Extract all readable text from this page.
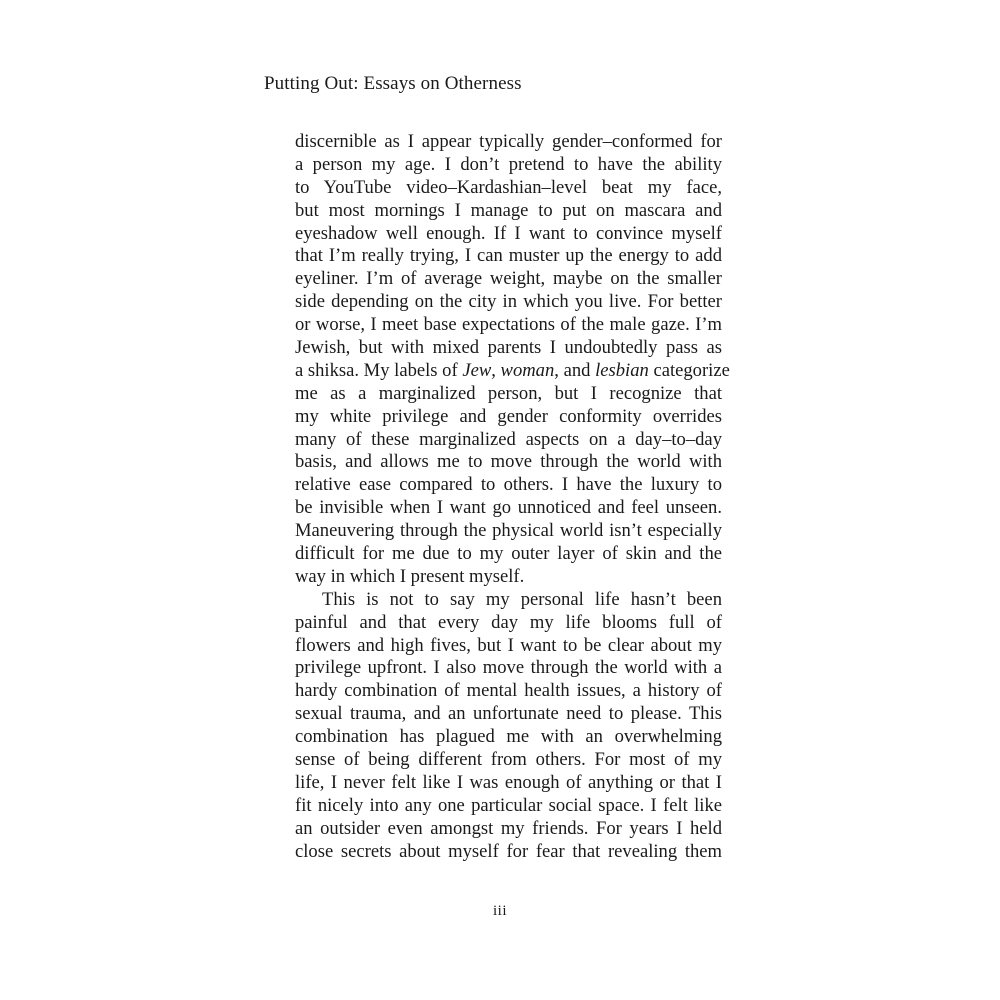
Putting Out: Essays on Otherness
discernible as I appear typically gender–conformed for
a person my age. I don’t pretend to have the ability
to YouTube video–Kardashian–level beat my face,
but most mornings I manage to put on mascara and
eyeshadow well enough. If I want to convince myself
that I’m really trying, I can muster up the energy to add
eyeliner. I’m of average weight, maybe on the smaller
side depending on the city in which you live. For better
or worse, I meet base expectations of the male gaze. I’m
Jewish, but with mixed parents I undoubtedly pass as
a shiksa. My labels of Jew, woman, and lesbian categorize
me as a marginalized person, but I recognize that
my white privilege and gender conformity overrides
many of these marginalized aspects on a day–to–day
basis, and allows me to move through the world with
relative ease compared to others. I have the luxury to
be invisible when I want go unnoticed and feel unseen.
Maneuvering through the physical world isn’t especially
difficult for me due to my outer layer of skin and the
way in which I present myself.
This is not to say my personal life hasn’t been
painful and that every day my life blooms full of
flowers and high fives, but I want to be clear about my
privilege upfront. I also move through the world with a
hardy combination of mental health issues, a history of
sexual trauma, and an unfortunate need to please. This
combination has plagued me with an overwhelming
sense of being different from others. For most of my
life, I never felt like I was enough of anything or that I
fit nicely into any one particular social space. I felt like
an outsider even amongst my friends. For years I held
close secrets about myself for fear that revealing them
iii
